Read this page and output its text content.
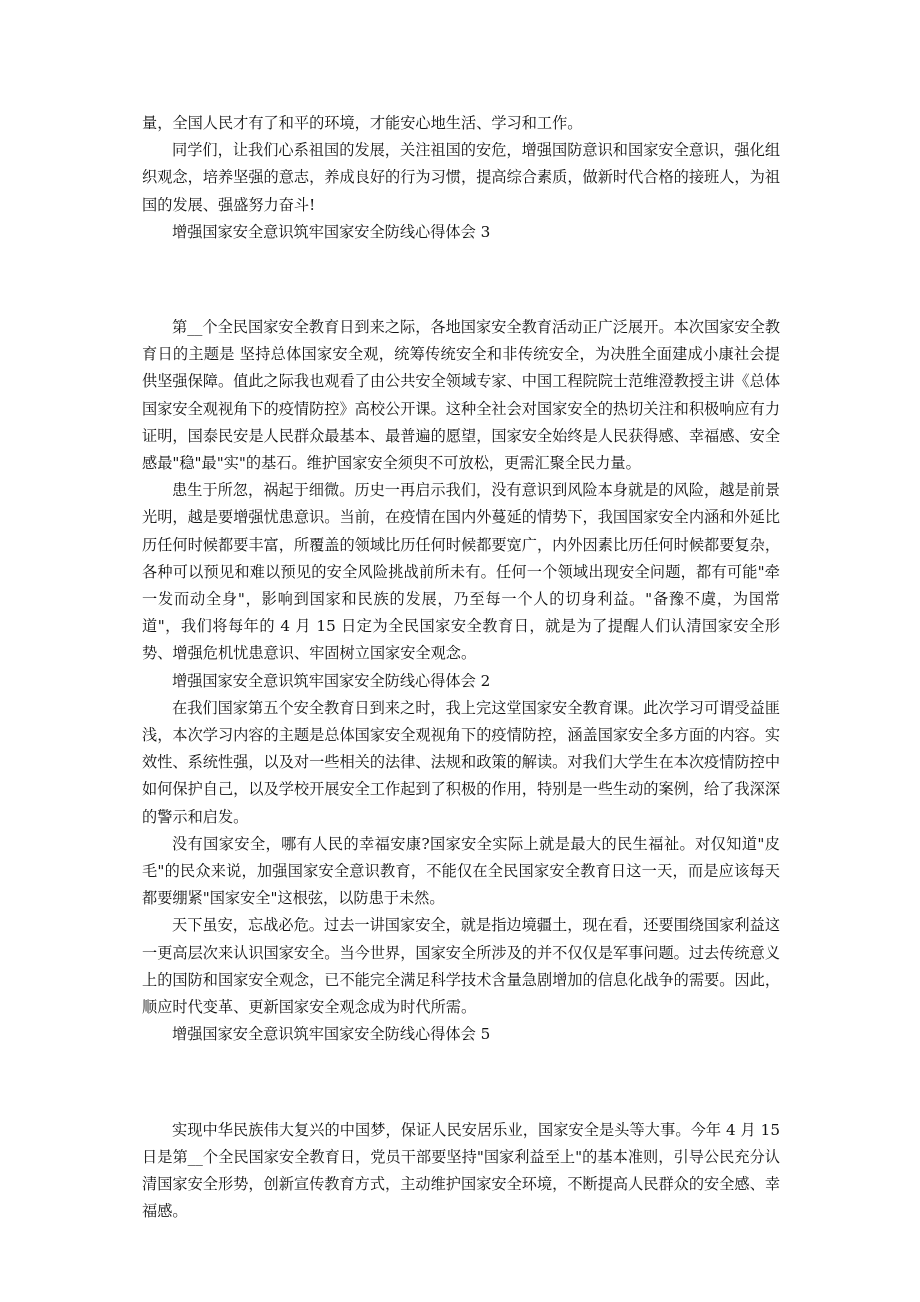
量，全国人民才有了和平的环境，才能安心地生活、学习和工作。

同学们，让我们心系祖国的发展，关注祖国的安危，增强国防意识和国家安全意识，强化组织观念，培养坚强的意志，养成良好的行为习惯，提高综合素质，做新时代合格的接班人，为祖国的发展、强盛努力奋斗!

增强国家安全意识筑牢国家安全防线心得体会 3

第__个全民国家安全教育日到来之际，各地国家安全教育活动正广泛展开。本次国家安全教育日的主题是 坚持总体国家安全观，统筹传统安全和非传统安全，为决胜全面建成小康社会提供坚强保障。值此之际我也观看了由公共安全领域专家、中国工程院院士范维澄教授主讲《总体国家安全观视角下的疫情防控》高校公开课。这种全社会对国家安全的热切关注和积极响应有力证明，国泰民安是人民群众最基本、最普遍的愿望，国家安全始终是人民获得感、幸福感、安全感最"稳"最"实"的基石。维护国家安全须臾不可放松，更需汇聚全民力量。

患生于所忽，祸起于细微。历史一再启示我们，没有意识到风险本身就是的风险，越是前景光明，越是要增强忧患意识。当前，在疫情在国内外蔓延的情势下，我国国家安全内涵和外延比历任何时候都要丰富，所覆盖的领域比历任何时候都要宽广，内外因素比历任何时候都要复杂，各种可以预见和难以预见的安全风险挑战前所未有。任何一个领域出现安全问题，都有可能"牵一发而动全身"，影响到国家和民族的发展，乃至每一个人的切身利益。"备豫不虞，为国常道"，我们将每年的 4 月 15 日定为全民国家安全教育日，就是为了提醒人们认清国家安全形势、增强危机忧患意识、牢固树立国家安全观念。

增强国家安全意识筑牢国家安全防线心得体会 2

在我们国家第五个安全教育日到来之时，我上完这堂国家安全教育课。此次学习可谓受益匪浅，本次学习内容的主题是总体国家安全观视角下的疫情防控，涵盖国家安全多方面的内容。实效性、系统性强，以及对一些相关的法律、法规和政策的解读。对我们大学生在本次疫情防控中如何保护自己，以及学校开展安全工作起到了积极的作用，特别是一些生动的案例，给了我深深的警示和启发。

没有国家安全，哪有人民的幸福安康?国家安全实际上就是最大的民生福祉。对仅知道"皮毛"的民众来说，加强国家安全意识教育，不能仅在全民国家安全教育日这一天，而是应该每天都要绷紧"国家安全"这根弦，以防患于未然。

天下虽安，忘战必危。过去一讲国家安全，就是指边境疆土，现在看，还要围绕国家利益这一更高层次来认识国家安全。当今世界，国家安全所涉及的并不仅仅是军事问题。过去传统意义上的国防和国家安全观念，已不能完全满足科学技术含量急剧增加的信息化战争的需要。因此，顺应时代变革、更新国家安全观念成为时代所需。

增强国家安全意识筑牢国家安全防线心得体会 5

实现中华民族伟大复兴的中国梦，保证人民安居乐业，国家安全是头等大事。今年 4 月 15 日是第__个全民国家安全教育日，党员干部要坚持"国家利益至上"的基本准则，引导公民充分认清国家安全形势，创新宣传教育方式，主动维护国家安全环境，不断提高人民群众的安全感、幸福感。
